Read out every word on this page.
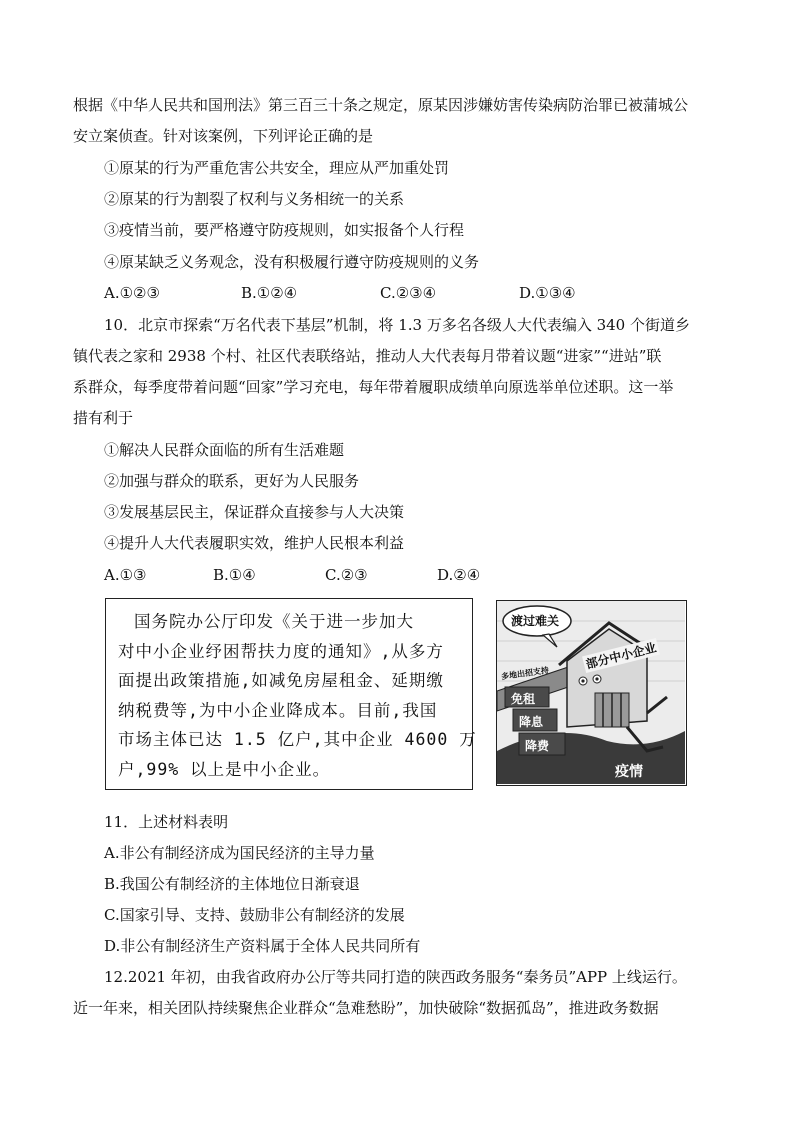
根据《中华人民共和国刑法》第三百三十条之规定，原某因涉嫌妨害传染病防治罪已被蒲城公
安立案侦查。针对该案例，下列评论正确的是
①原某的行为严重危害公共安全，理应从严加重处罚
②原某的行为割裂了权利与义务相统一的关系
③疫情当前，要严格遵守防疫规则，如实报备个人行程
④原某缺乏义务观念，没有积极履行遵守防疫规则的义务
A.①②③	B.①②④	C.②③④	D.①③④
10．北京市探索“万名代表下基层”机制，将 1.3 万多名各级人大代表编入 340 个街道乡
镇代表之家和 2938 个村、社区代表联络站，推动人大代表每月带着议题“进家”“进站”联
系群众，每季度带着问题“回家”学习充电，每年带着履职成绩单向原选举单位述职。这一举
措有利于
①解决人民群众面临的所有生活难题
②加强与群众的联系，更好为人民服务
③发展基层民主，保证群众直接参与人大决策
④提升人大代表履职实效，维护人民根本利益
A.①③	B.①④	C.②③	D.②④
国务院办公厅印发《关于进一步加大
对中小企业纾困帮扶力度的通知》,从多方
面提出政策措施,如减免房屋租金、延期缴
纳税费等,为中小企业降成本。目前,我国
市场主体已达 1.5 亿户,其中企业 4600 万
户,99% 以上是中小企业。
渡过难关
部分中小企业
多地出招支持
免租
降息
降费
疫情
11．上述材料表明
A.非公有制经济成为国民经济的主导力量
B.我国公有制经济的主体地位日渐衰退
C.国家引导、支持、鼓励非公有制经济的发展
D.非公有制经济生产资料属于全体人民共同所有
12.2021 年初，由我省政府办公厅等共同打造的陕西政务服务“秦务员”APP 上线运行。
近一年来，相关团队持续聚焦企业群众“急难愁盼”，加快破除“数据孤岛”，推进政务数据
